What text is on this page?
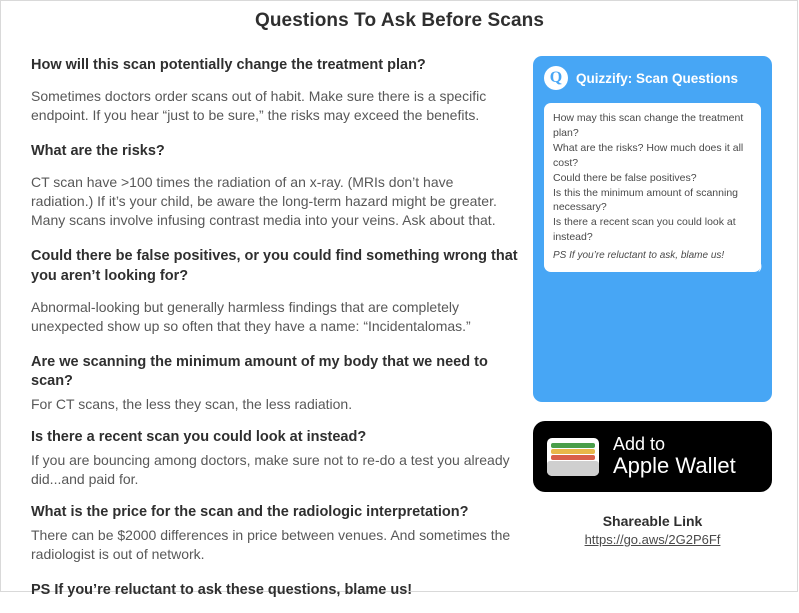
Questions To Ask Before Scans

How will this scan potentially change the treatment plan?

Sometimes doctors order scans out of habit. Make sure there is a specific endpoint. If you hear “just to be sure,” the risks may exceed the benefits.

What are the risks?

CT scan have >100 times the radiation of an x-ray. (MRIs don’t have radiation.) If it’s your child, be aware the long-term hazard might be greater. Many scans involve infusing contrast media into your veins. Ask about that.

Could there be false positives, or you could find something wrong that you aren’t looking for?

Abnormal-looking but generally harmless findings that are completely unexpected show up so often that they have a name: “Incidentalomas.”

Are we scanning the minimum amount of my body that we need to scan?

For CT scans, the less they scan, the less radiation.

Is there a recent scan you could look at instead?

If you are bouncing among doctors, make sure not to re-do a test you already did...and paid for.

What is the price for the scan and the radiologic interpretation?

There can be $2000 differences in price between venues. And sometimes the radiologist is out of network.

PS If you’re reluctant to ask these questions, blame us!

Q	Quizzify: Scan Questions

How may this scan change the treatment plan?

What are the risks? How much does it all cost?

Could there be false positives?

Is this the minimum amount of scanning necessary?

Is there a recent scan you could look at instead?

PS If you’re reluctant to ask, blame us!

See back for details (top/bottom right button)
Add to
Apple Wallet
Shareable Link
https://go.aws/2G2P6Ff
